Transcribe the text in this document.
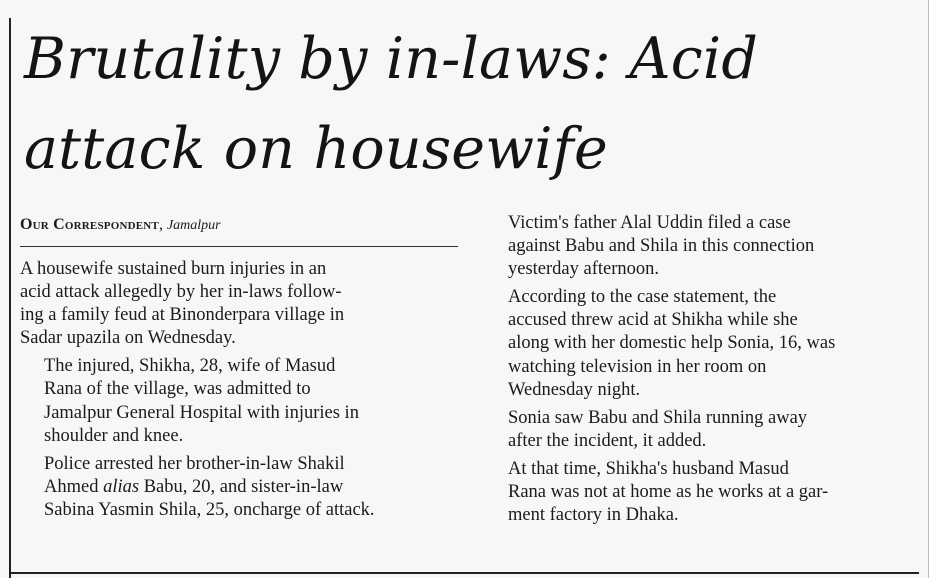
Brutality by in-laws: Acid
attack on housewife
Our Correspondent, Jamalpur

A housewife sustained burn injuries in an
acid attack allegedly by her in-laws follow-
ing a family feud at Binonderpara village in
Sadar upazila on Wednesday.

The injured, Shikha, 28, wife of Masud
Rana of the village, was admitted to
Jamalpur General Hospital with injuries in
shoulder and knee.

Police arrested her brother-in-law Shakil
Ahmed alias Babu, 20, and sister-in-law
Sabina Yasmin Shila, 25, oncharge of attack.

Victim's father Alal Uddin filed a case
against Babu and Shila in this connection
yesterday afternoon.

According to the case statement, the
accused threw acid at Shikha while she
along with her domestic help Sonia, 16, was
watching television in her room on
Wednesday night.

Sonia saw Babu and Shila running away
after the incident, it added.

At that time, Shikha's husband Masud
Rana was not at home as he works at a gar-
ment factory in Dhaka.
